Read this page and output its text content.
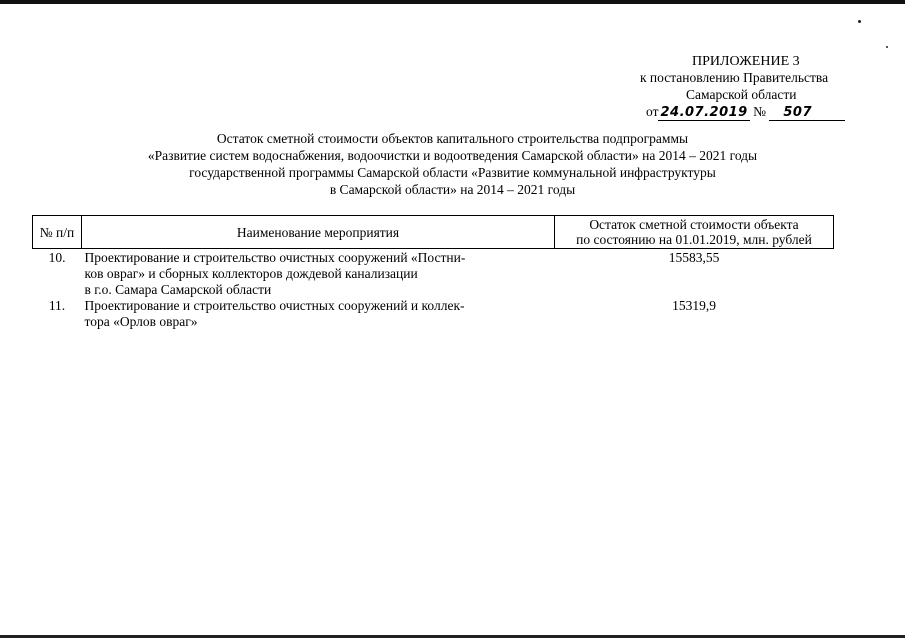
ПРИЛОЖЕНИЕ 3
к постановлению Правительства
Самарской области
от 24.07.2019 № 507
Остаток сметной стоимости объектов капитального строительства подпрограммы
«Развитие систем водоснабжения, водоочистки и водоотведения Самарской области» на 2014 – 2021 годы
государственной программы Самарской области «Развитие коммунальной инфраструктуры
в Самарской области» на 2014 – 2021 годы
№ п/п	Наименование мероприятия	Остаток сметной стоимости объекта
по состоянию на 01.01.2019, млн. рублей

10.	Проектирование и строительство очистных сооружений «Постни-
ков овраг» и сборных коллекторов дождевой канализации
в г.о. Самара Самарской области	15583,55
11.	Проектирование и строительство очистных сооружений и коллек-
тора «Орлов овраг»	15319,9
